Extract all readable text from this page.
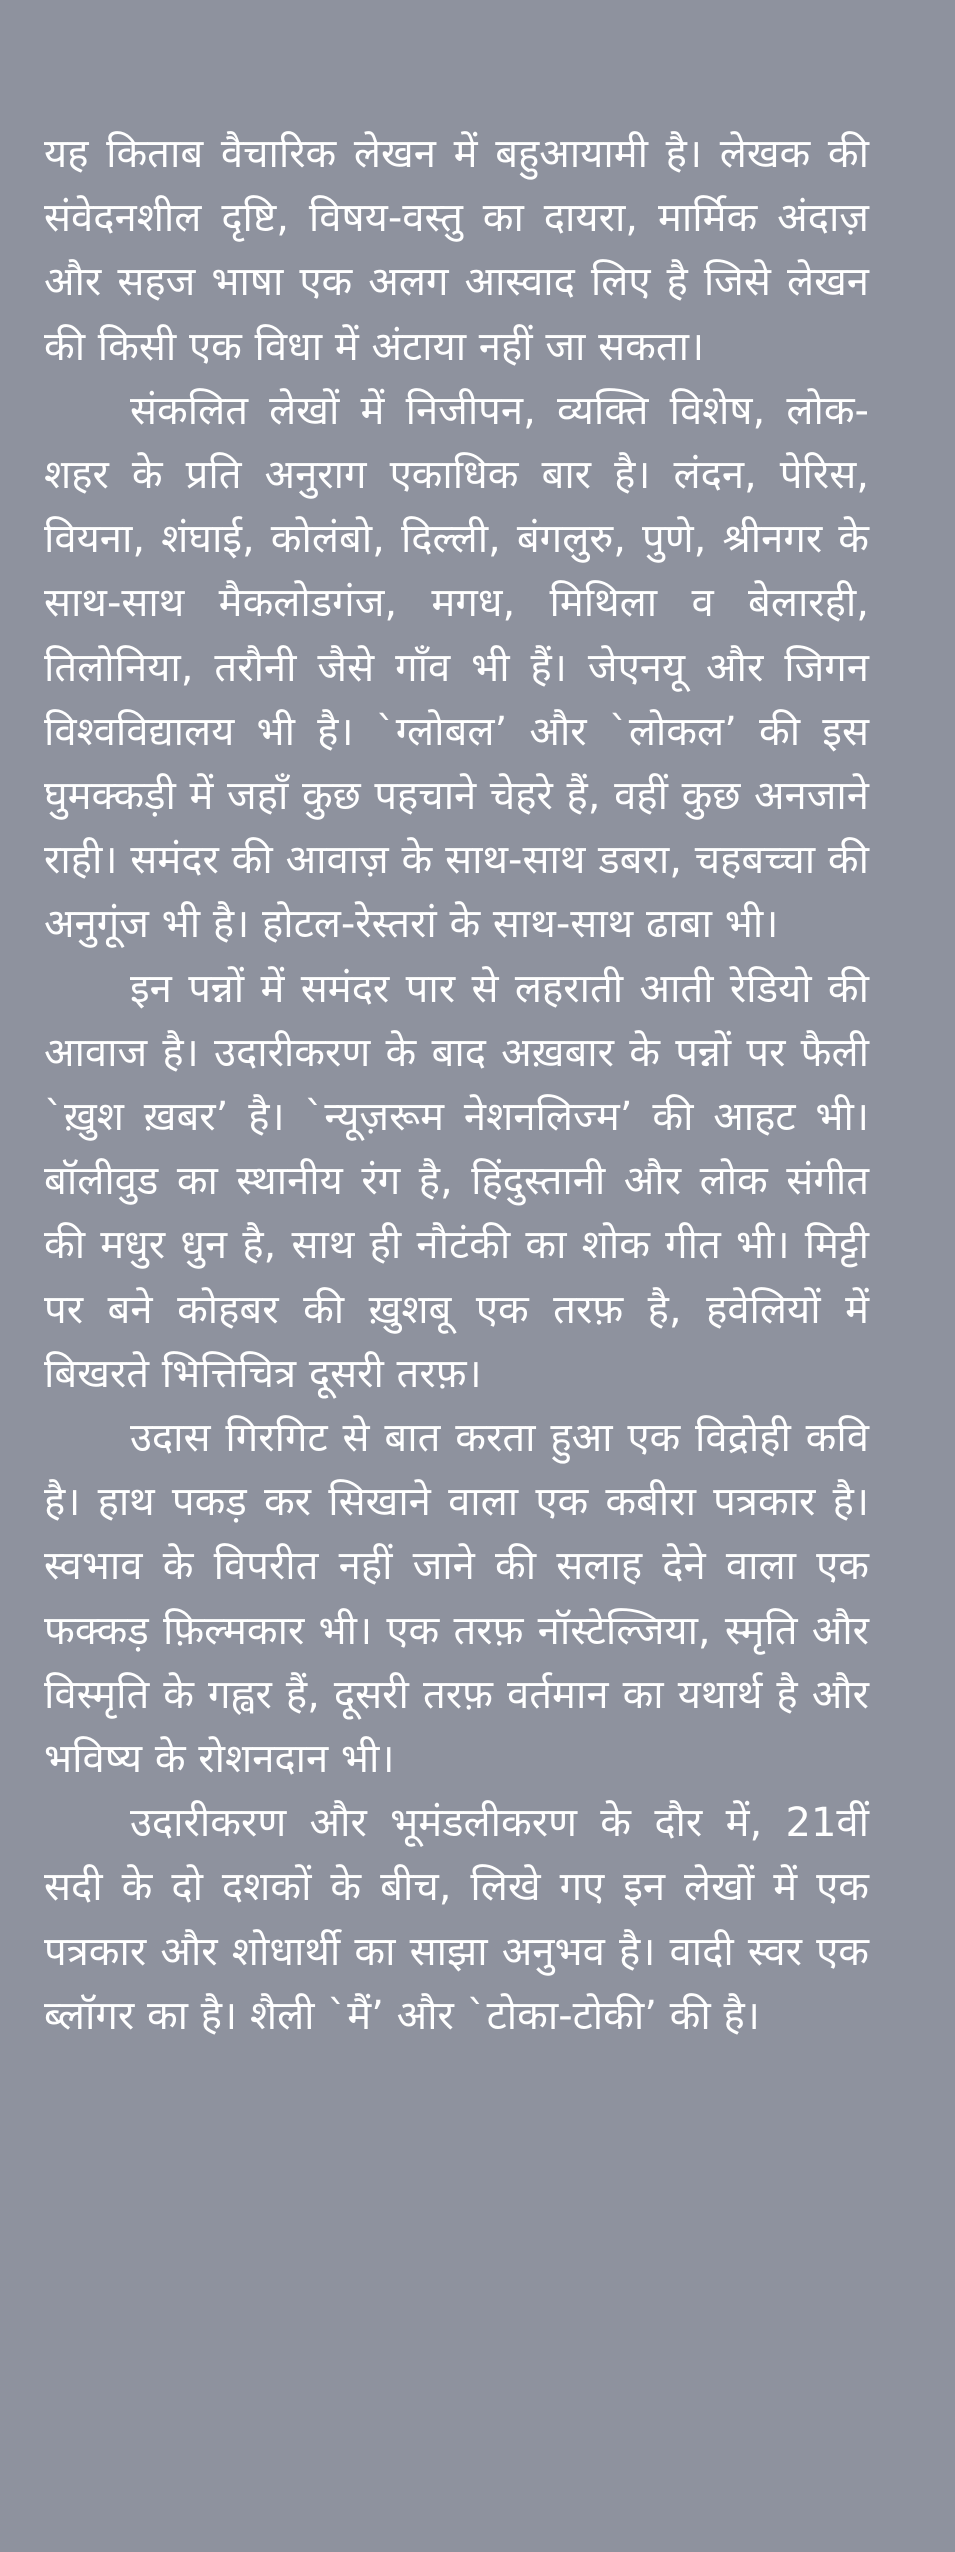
यह किताब वैचारिक लेखन में बहुआयामी है। लेखक की संवेदनशील दृष्टि, विषय-वस्तु का दायरा, मार्मिक अंदाज़ और सहज भाषा एक अलग आस्वाद लिए है जिसे लेखन की किसी एक विधा में अंटाया नहीं जा सकता।

संकलित लेखों में निजीपन, व्यक्ति विशेष, लोक-शहर के प्रति अनुराग एकाधिक बार है। लंदन, पेरिस, वियना, शंघाई, कोलंबो, दिल्ली, बंगलुरु, पुणे, श्रीनगर के साथ-साथ मैकलोडगंज, मगध, मिथिला व बेलारही, तिलोनिया, तरौनी जैसे गाँव भी हैं। जेएनयू और जिगन विश्वविद्यालय भी है। `ग्लोबल’ और `लोकल’ की इस घुमक्कड़ी में जहाँ कुछ पहचाने चेहरे हैं, वहीं कुछ अनजाने राही। समंदर की आवाज़ के साथ-साथ डबरा, चहबच्चा की अनुगूंज भी है। होटल-रेस्तरां के साथ-साथ ढाबा भी।

इन पन्नों में समंदर पार से लहराती आती रेडियो की आवाज है। उदारीकरण के बाद अख़बार के पन्नों पर फैली `ख़ुश ख़बर’ है। `न्यूज़रूम नेशनलिज्म’ की आहट भी। बॉलीवुड का स्थानीय रंग है, हिंदुस्तानी और लोक संगीत की मधुर धुन है, साथ ही नौटंकी का शोक गीत भी। मिट्टी पर बने कोहबर की ख़ुशबू एक तरफ़ है, हवेलियों में बिखरते भित्तिचित्र दूसरी तरफ़।

उदास गिरगिट से बात करता हुआ एक विद्रोही कवि है। हाथ पकड़ कर सिखाने वाला एक कबीरा पत्रकार है। स्वभाव के विपरीत नहीं जाने की सलाह देने वाला एक फक्कड़ फ़िल्मकार भी। एक तरफ़ नॉस्टेल्जिया, स्मृति और विस्मृति के गह्वर हैं, दूसरी तरफ़ वर्तमान का यथार्थ है और भविष्य के रोशनदान भी।

उदारीकरण और भूमंडलीकरण के दौर में, 21वीं सदी के दो दशकों के बीच, लिखे गए इन लेखों में एक पत्रकार और शोधार्थी का साझा अनुभव है। वादी स्वर एक ब्लॉगर का है। शैली `मैं’ और `टोका-टोकी’ की है।
